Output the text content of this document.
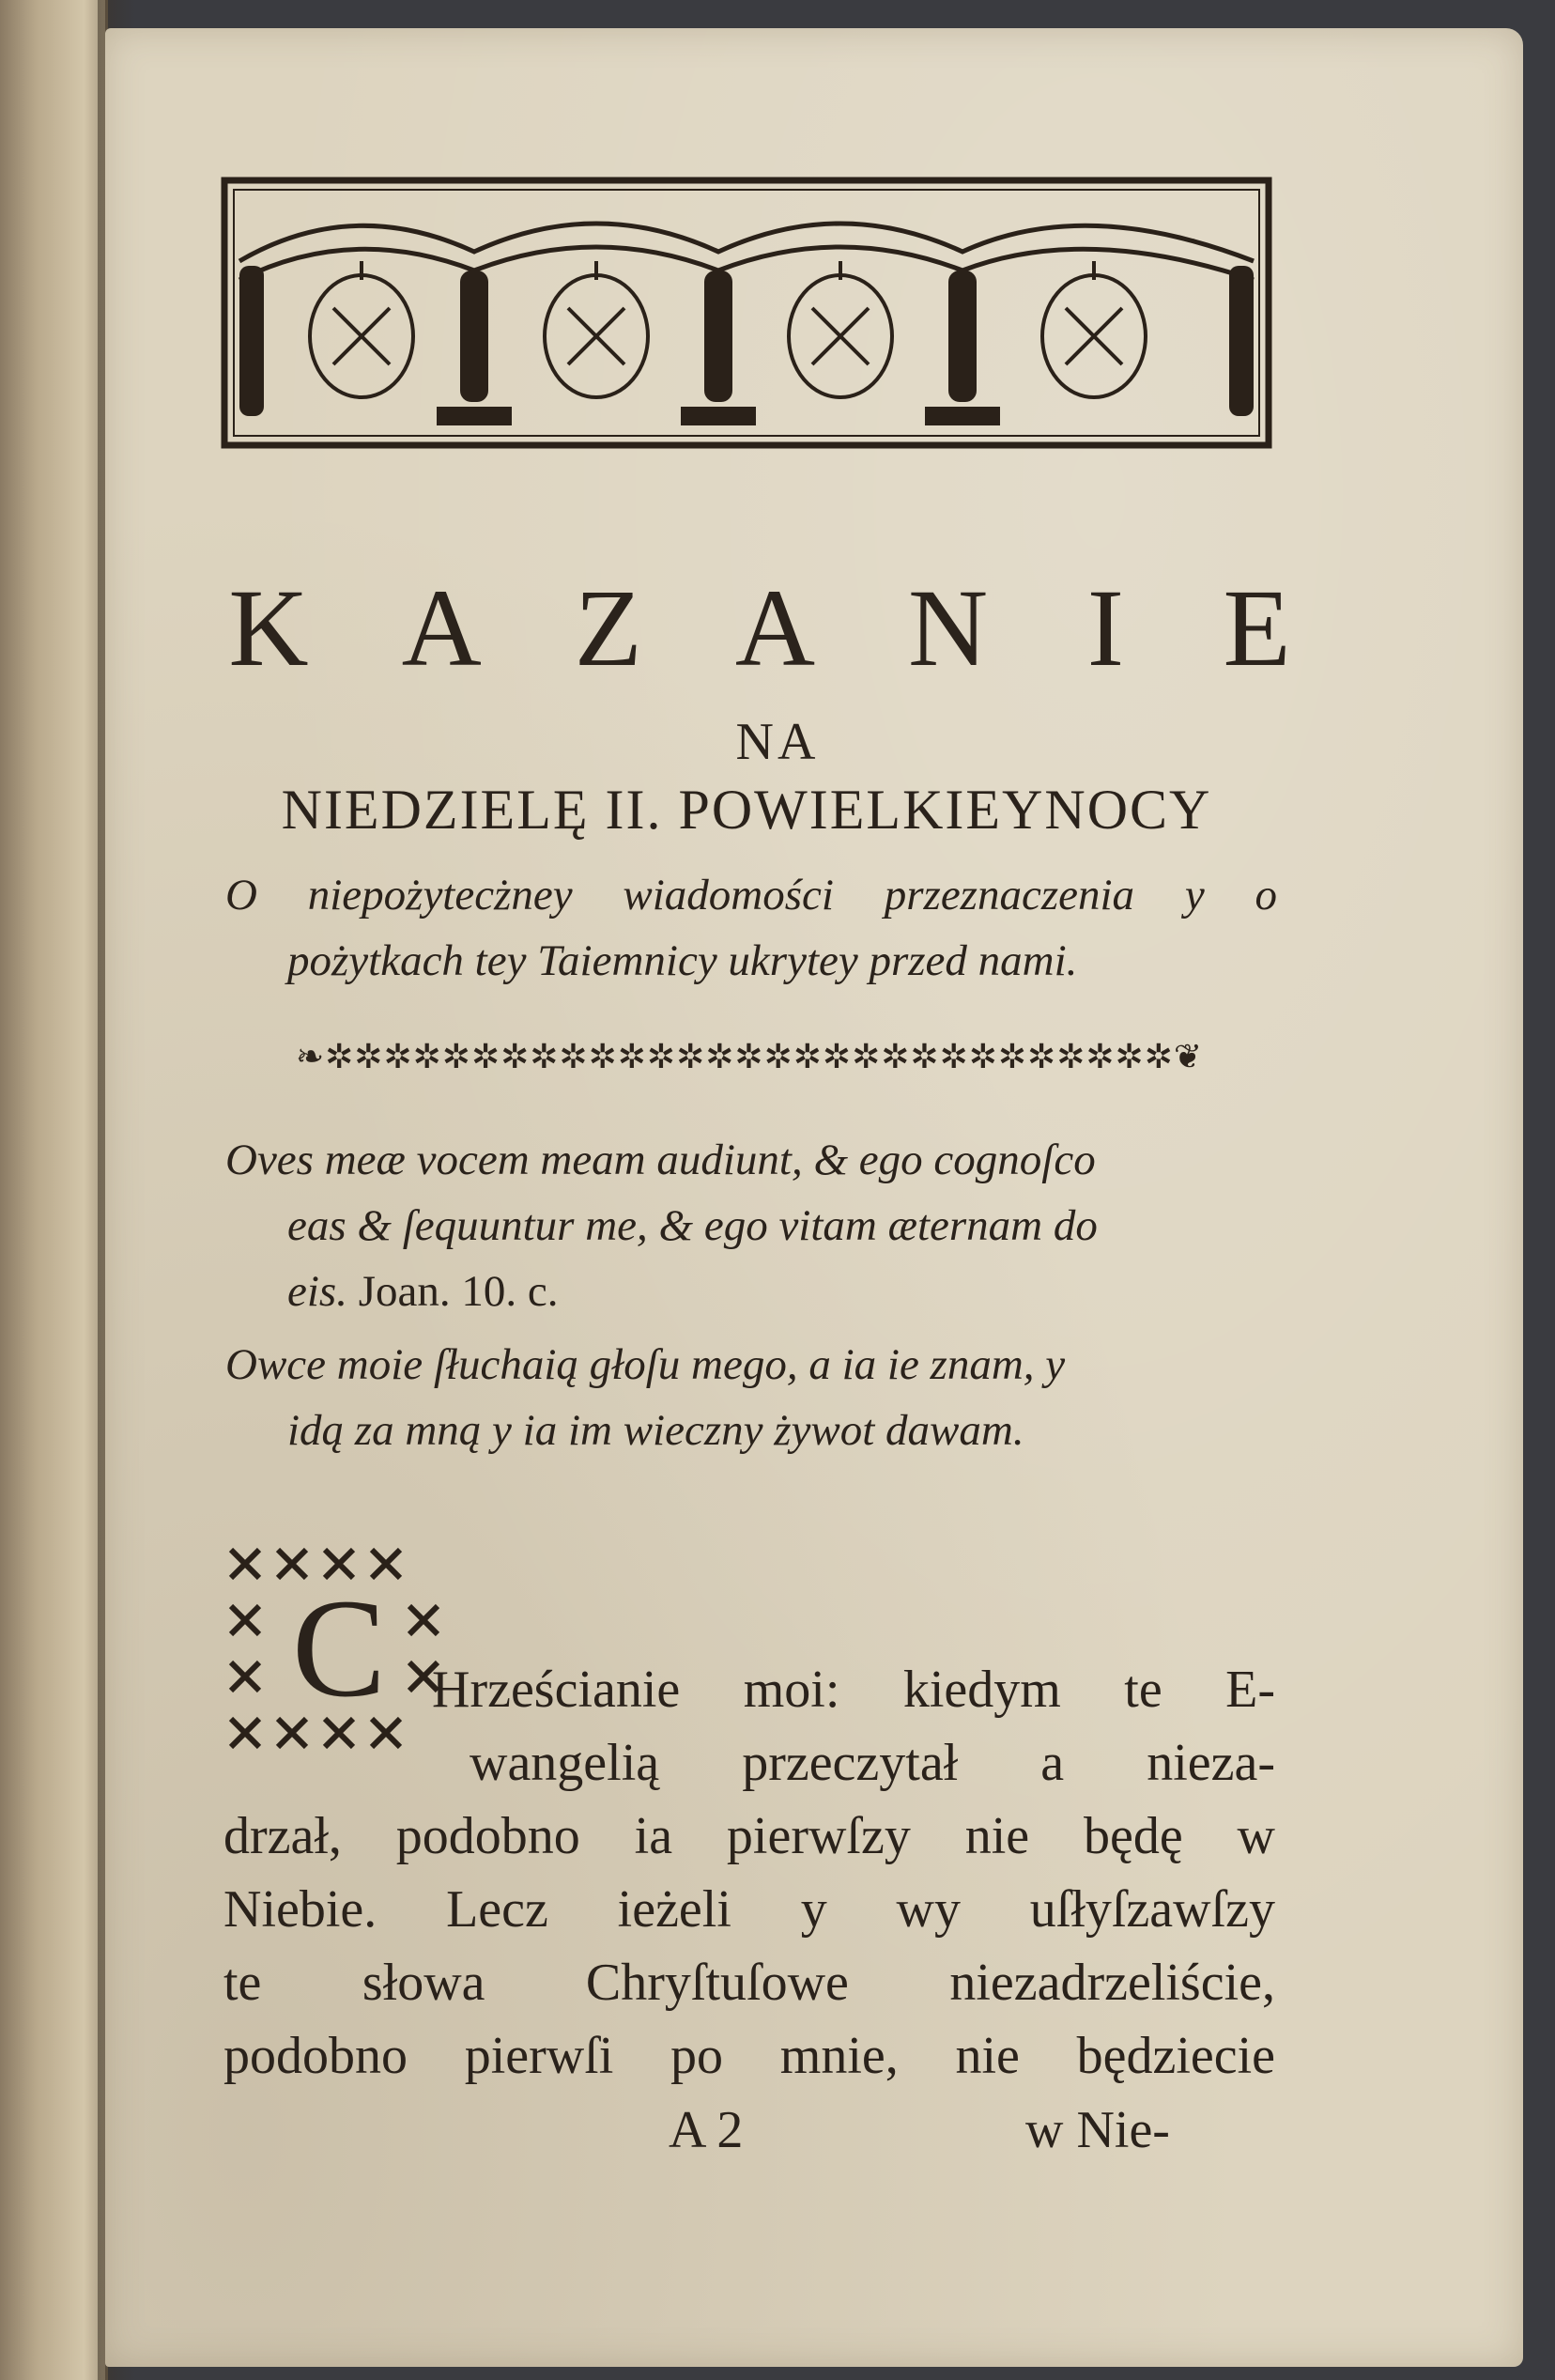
K A Z A N I E
NA
NIEDZIELĘ II. POWIELKIEYNOCY
O niepożytecżney wiadomości przeznaczenia y o
pożytkach tey Taiemnicy ukrytey przed nami.
❧✲✲✲✲✲✲✲✲✲✲✲✲✲✲✲✲✲✲✲✲✲✲✲✲✲✲✲✲✲❦
Oves meæ vocem meam audiunt, & ego cognoſco
eas & ſequuntur me, & ego vitam æternam do
eis. Joan. 10. c.
Owce moie ſłuchaią głoſu mego, a ia ie znam, y
idą za mną y ia im wieczny żywot dawam.
C Hrześcianie moi: kiedym te E-
wangelią przeczytał a nieza-
drzał, podobno ia pierwſzy nie będę w
Niebie. Lecz ieżeli y wy uſłyſzawſzy
te słowa Chryſtuſowe niezadrzeliście,
podobno pierwſi po mnie, nie będziecie
A 2	w Nie-
